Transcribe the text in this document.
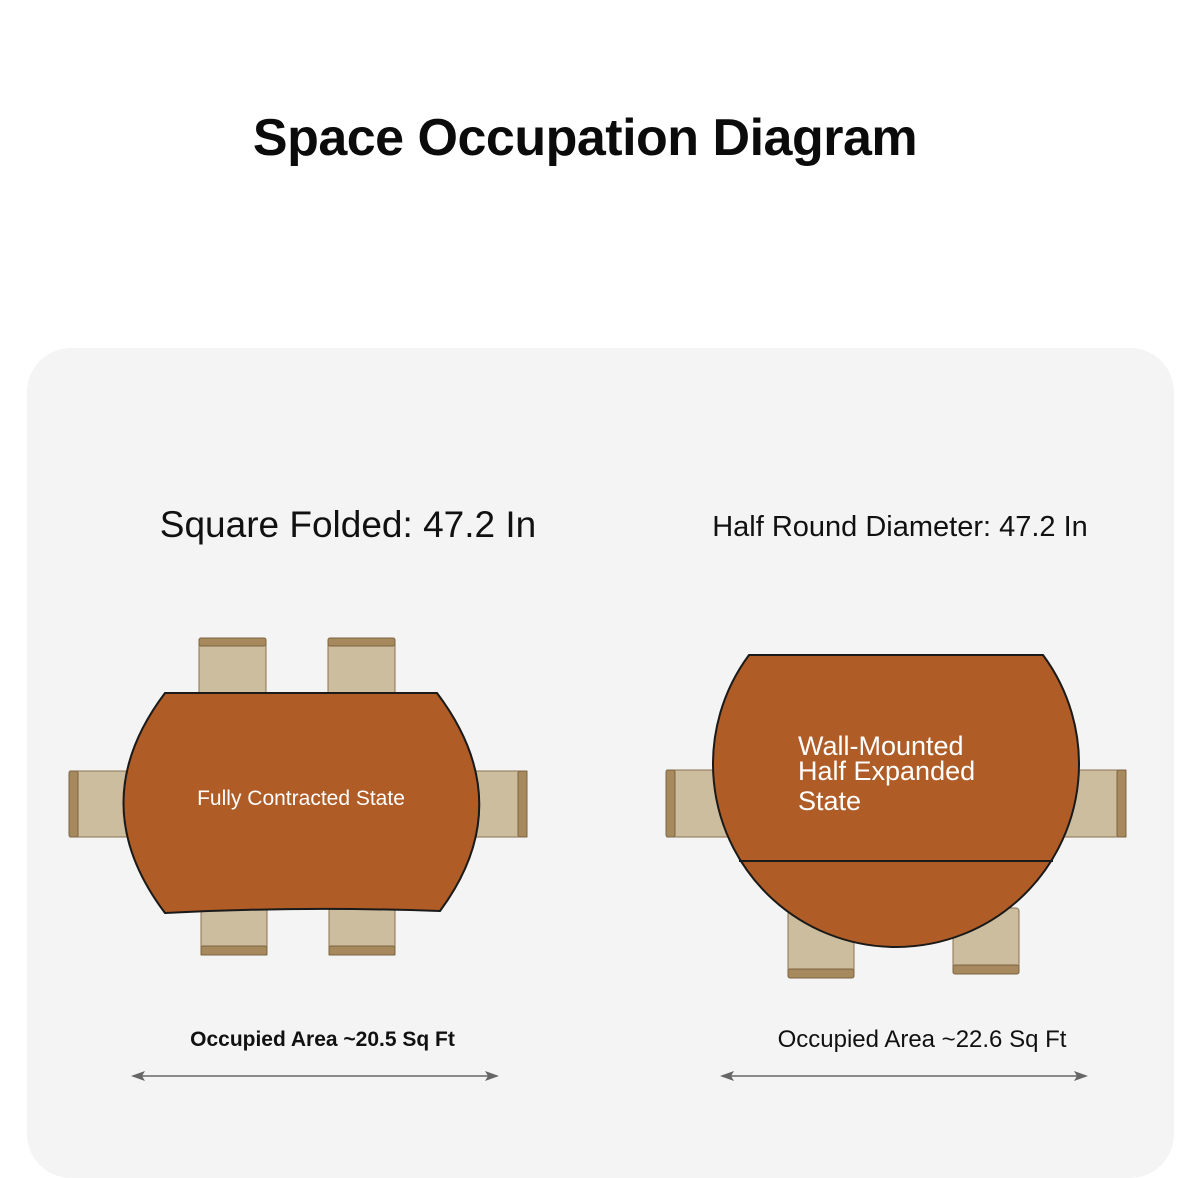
Space Occupation Diagram
Square Folded: 47.2 In	Half Round Diameter: 47.2 In
Fully Contracted State
Wall-Mounted
Half Expanded
State
Occupied Area ~20.5 Sq Ft	Occupied Area ~22.6 Sq Ft
